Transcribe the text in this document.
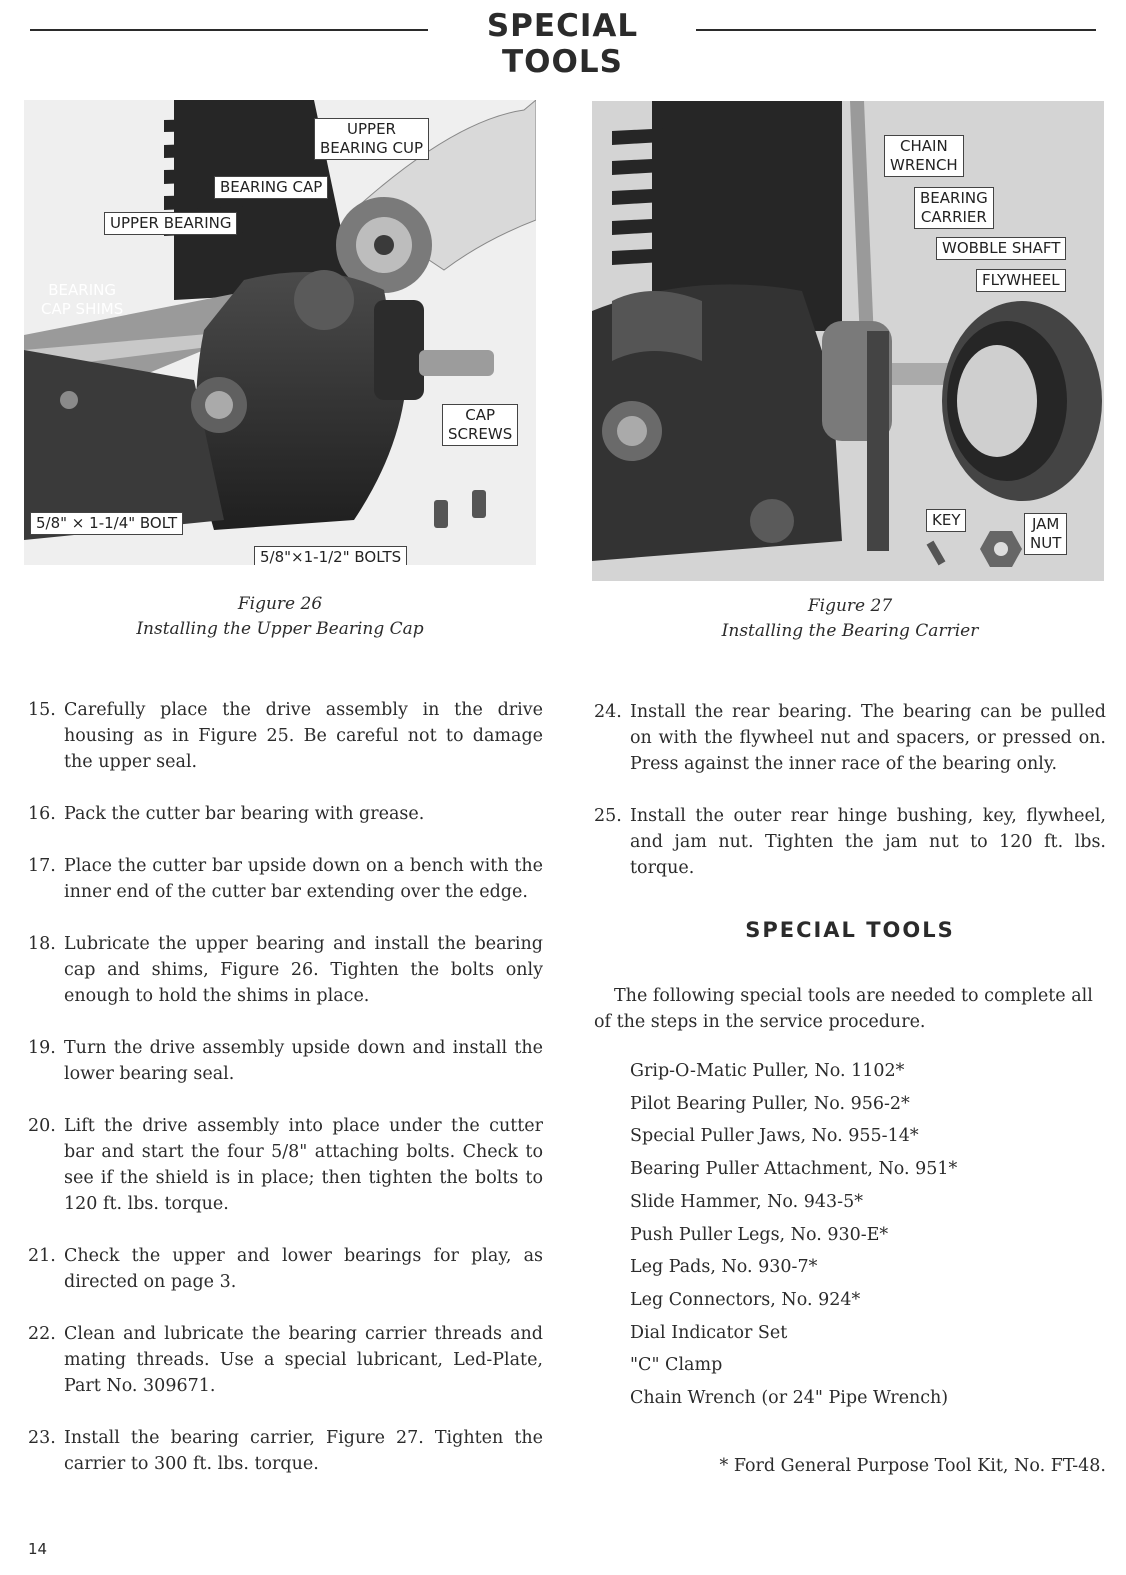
SPECIAL TOOLS
UPPER
BEARING CUP
BEARING CAP
UPPER BEARING
BEARING
CAP SHIMS
CAP
SCREWS
5/8" × 1-1/4" BOLT
5/8"×1-1/2" BOLTS
Figure 26
Installing the Upper Bearing Cap
CHAIN
WRENCH
BEARING
CARRIER
WOBBLE SHAFT
FLYWHEEL
KEY	JAM
NUT
Figure 27
Installing the Bearing Carrier
15. Carefully place the drive assembly in the drive housing as in Figure 25. Be careful not to damage the upper seal.
16. Pack the cutter bar bearing with grease.
17. Place the cutter bar upside down on a bench with the inner end of the cutter bar extending over the edge.
18. Lubricate the upper bearing and install the bearing cap and shims, Figure 26. Tighten the bolts only enough to hold the shims in place.
19. Turn the drive assembly upside down and install the lower bearing seal.
20. Lift the drive assembly into place under the cutter bar and start the four 5/8" attaching bolts. Check to see if the shield is in place; then tighten the bolts to 120 ft. lbs. torque.
21. Check the upper and lower bearings for play, as directed on page 3.
22. Clean and lubricate the bearing carrier threads and mating threads. Use a special lubricant, Led-Plate, Part No. 309671.
23. Install the bearing carrier, Figure 27. Tighten the carrier to 300 ft. lbs. torque.
24. Install the rear bearing. The bearing can be pulled on with the flywheel nut and spacers, or pressed on. Press against the inner race of the bearing only.
25. Install the outer rear hinge bushing, key, flywheel, and jam nut. Tighten the jam nut to 120 ft. lbs. torque.
SPECIAL TOOLS
The following special tools are needed to complete all of the steps in the service procedure.
Grip-O-Matic Puller, No. 1102*
Pilot Bearing Puller, No. 956-2*
Special Puller Jaws, No. 955-14*
Bearing Puller Attachment, No. 951*
Slide Hammer, No. 943-5*
Push Puller Legs, No. 930-E*
Leg Pads, No. 930-7*
Leg Connectors, No. 924*
Dial Indicator Set
"C" Clamp
Chain Wrench (or 24" Pipe Wrench)
* Ford General Purpose Tool Kit, No. FT-48.
14
